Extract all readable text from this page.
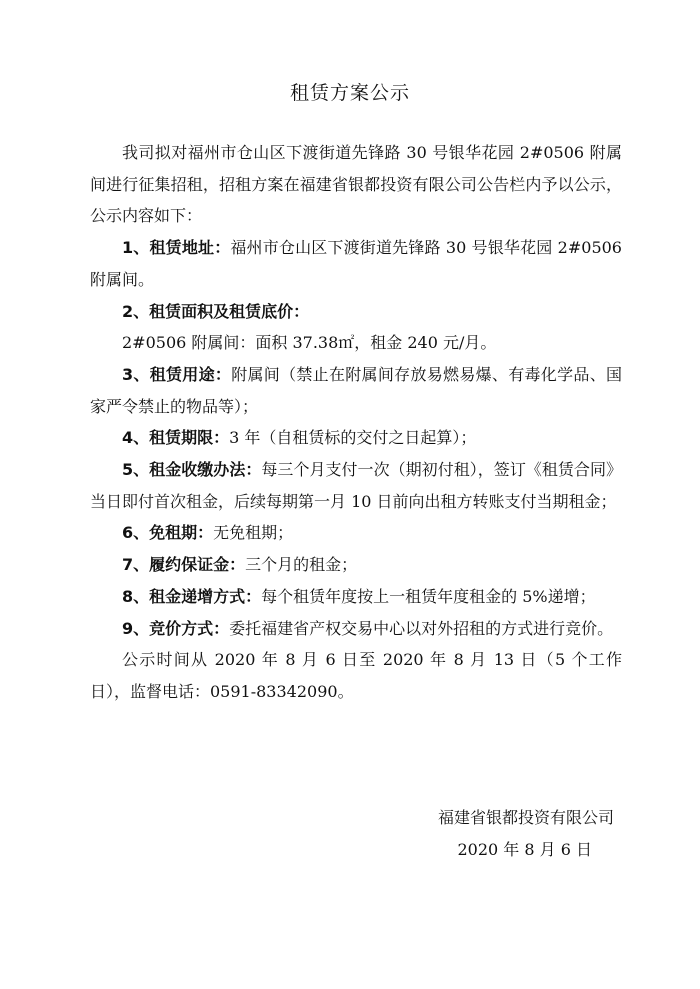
租赁方案公示

我司拟对福州市仓山区下渡街道先锋路 30 号银华花园 2#0506 附属间进行征集招租，招租方案在福建省银都投资有限公司公告栏内予以公示，公示内容如下：

1、租赁地址：福州市仓山区下渡街道先锋路 30 号银华花园 2#0506 附属间。

2、租赁面积及租赁底价：

2#0506 附属间：面积 37.38㎡，租金 240 元/月。

3、租赁用途：附属间（禁止在附属间存放易燃易爆、有毒化学品、国家严令禁止的物品等）；

4、租赁期限：3 年（自租赁标的交付之日起算）；

5、租金收缴办法：每三个月支付一次（期初付租），签订《租赁合同》当日即付首次租金，后续每期第一月 10 日前向出租方转账支付当期租金；

6、免租期：无免租期；

7、履约保证金：三个月的租金；

8、租金递增方式：每个租赁年度按上一租赁年度租金的 5%递增；

9、竞价方式：委托福建省产权交易中心以对外招租的方式进行竞价。

公示时间从 2020 年 8 月 6 日至 2020 年 8 月 13 日（5 个工作日），监督电话：0591-83342090。

福建省银都投资有限公司
2020 年 8 月 6 日
